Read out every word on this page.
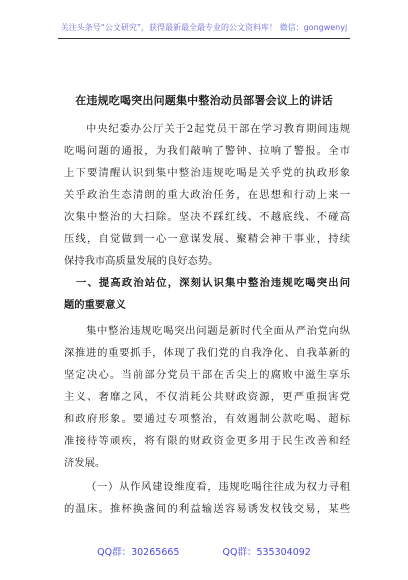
关注头条号“公文研究”，获得最新最全最专业的公文资料库！ 微信：gongwenyj
在违规吃喝突出问题集中整治动员部署会议上的讲话
中央纪委办公厅关于2起党员干部在学习教育期间违规
吃喝问题的通报，为我们敲响了警钟、拉响了警报。全市
上下要清醒认识到集中整治违规吃喝是关乎党的执政形象
关乎政治生态清朗的重大政治任务，在思想和行动上来一
次集中整治的大扫除。坚决不踩红线、不越底线、不碰高
压线，自觉做到一心一意谋发展、聚精会神干事业，持续
保持我市高质量发展的良好态势。
一、提高政治站位，深刻认识集中整治违规吃喝突出问
题的重要意义
集中整治违规吃喝突出问题是新时代全面从严治党向纵
深推进的重要抓手，体现了我们党的自我净化、自我革新的
坚定决心。当前部分党员干部在舌尖上的腐败中滋生享乐
主义、奢靡之风，不仅消耗公共财政资源，更严重损害党
和政府形象。要通过专项整治，有效遏制公款吃喝、超标
准接待等顽疾，将有限的财政资金更多用于民生改善和经
济发展。
（一）从作风建设维度看，违规吃喝往往成为权力寻租
的温床。推杯换盏间的利益输送容易诱发权钱交易，某些
QQ群：30265665	QQ群：535304092
